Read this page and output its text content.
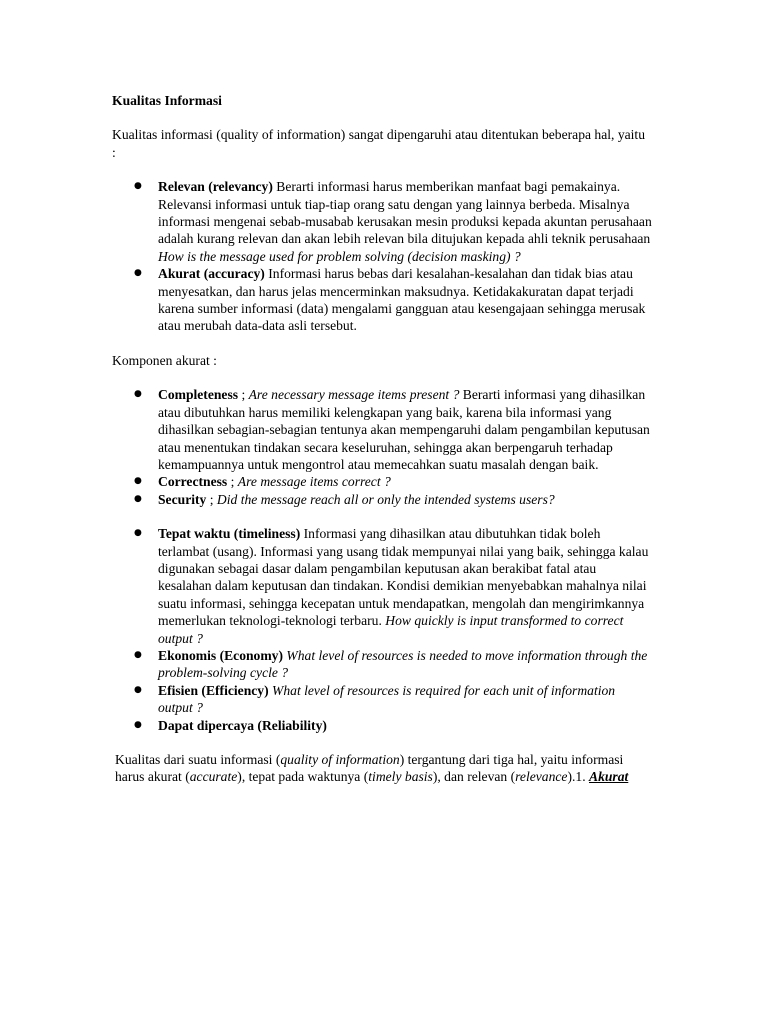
Kualitas Informasi

Kualitas informasi (quality of information) sangat dipengaruhi atau ditentukan beberapa hal, yaitu :

● Relevan (relevancy) Berarti informasi harus memberikan manfaat bagi pemakainya. Relevansi informasi untuk tiap-tiap orang satu dengan yang lainnya berbeda. Misalnya informasi mengenai sebab-musabab kerusakan mesin produksi kepada akuntan perusahaan adalah kurang relevan dan akan lebih relevan bila ditujukan kepada ahli teknik perusahaan How is the message used for problem solving (decision masking) ?
● Akurat (accuracy) Informasi harus bebas dari kesalahan-kesalahan dan tidak bias atau menyesatkan, dan harus jelas mencerminkan maksudnya. Ketidakakuratan dapat terjadi karena sumber informasi (data) mengalami gangguan atau kesengajaan sehingga merusak atau merubah data-data asli tersebut.

Komponen akurat :

● Completeness ; Are necessary message items present ? Berarti informasi yang dihasilkan atau dibutuhkan harus memiliki kelengkapan yang baik, karena bila informasi yang dihasilkan sebagian-sebagian tentunya akan mempengaruhi dalam pengambilan keputusan atau menentukan tindakan secara keseluruhan, sehingga akan berpengaruh terhadap kemampuannya untuk mengontrol atau memecahkan suatu masalah dengan baik.
● Correctness ; Are message items correct ?
● Security ; Did the message reach all or only the intended systems users?
● Tepat waktu (timeliness) Informasi yang dihasilkan atau dibutuhkan tidak boleh terlambat (usang). Informasi yang usang tidak mempunyai nilai yang baik, sehingga kalau digunakan sebagai dasar dalam pengambilan keputusan akan berakibat fatal atau kesalahan dalam keputusan dan tindakan. Kondisi demikian menyebabkan mahalnya nilai suatu informasi, sehingga kecepatan untuk mendapatkan, mengolah dan mengirimkannya memerlukan teknologi-teknologi terbaru. How quickly is input transformed to correct output ?
● Ekonomis (Economy) What level of resources is needed to move information through the problem-solving cycle ?
● Efisien (Efficiency) What level of resources is required for each unit of information output ?
● Dapat dipercaya (Reliability)

Kualitas dari suatu informasi (quality of information) tergantung dari tiga hal, yaitu informasi harus akurat (accurate), tepat pada waktunya (timely basis), dan relevan (relevance).1. Akurat
